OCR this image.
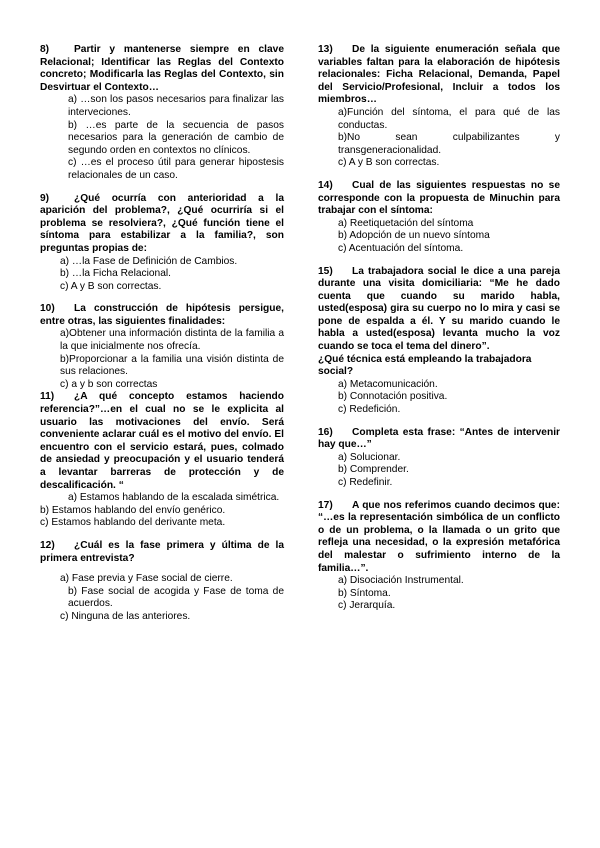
8) Partir y mantenerse siempre en clave Relacional; Identificar las Reglas del Contexto concreto; Modificarla las Reglas del Contexto, sin Desvirtuar el Contexto…
a) …son los pasos necesarios para finalizar las interveciones.
b) …es parte de la secuencia de pasos necesarios para la generación de cambio de segundo orden en contextos no clínicos.
c) …es el proceso útil para generar hipostesis relacionales de un caso.
9) ¿Qué ocurría con anterioridad a la aparición del problema?, ¿Qué ocurriría si el problema se resolviera?, ¿Qué función tiene el síntoma para estabilizar a la familia?, son preguntas propias de:
a) …la Fase de Definición de Cambios.
b) …la Ficha Relacional.
c) A y B son correctas.
10) La construcción de hipótesis persigue, entre otras, las siguientes finalidades:
a)Obtener una información distinta de la familia a la que inicialmente nos ofrecía.
b)Proporcionar a la familia una visión distinta de sus relaciones.
c) a y b son correctas
11) ¿A qué concepto estamos haciendo referencia?”…en el cual no se le explicita al usuario las motivaciones del envío. Será conveniente aclarar cuál es el motivo del envío. El encuentro con el servicio estará, pues, colmado de ansiedad y preocupación y el usuario tenderá a levantar barreras de protección y de descalificación. “
a) Estamos hablando de la escalada simétrica.
b) Estamos hablando del envío genérico.
c) Estamos hablando del derivante meta.
12) ¿Cuál es la fase primera y última de la primera entrevista?
a) Fase previa y Fase social de cierre.
b) Fase social de acogida y Fase de toma de acuerdos.
c) Ninguna de las anteriores.
13) De la siguiente enumeración señala que variables faltan para la elaboración de hipótesis relacionales: Ficha Relacional, Demanda, Papel del Servicio/Profesional, Incluir a todos los miembros…
a)Función del síntoma, el para qué de las conductas.
b)No sean culpabilizantes y transgeneracionalidad.
c) A y B son correctas.
14) Cual de las siguientes respuestas no se corresponde con la propuesta de Minuchin para trabajar con el síntoma:
a) Reetiquetación del síntoma
b) Adopción de un nuevo síntoma
c) Acentuación del síntoma.
15) La trabajadora social le dice a una pareja durante una visita domiciliaria: “Me he dado cuenta que cuando su marido habla, usted(esposa) gira su cuerpo no lo mira y casi se pone de espalda a él. Y su marido cuando le habla a usted(esposa) levanta mucho la voz cuando se toca el tema del dinero”.
¿Qué técnica está empleando la trabajadora social?
a) Metacomunicación.
b) Connotación positiva.
c) Redefición.
16) Completa esta frase: “Antes de intervenir hay que…”
a) Solucionar.
b) Comprender.
c) Redefinir.
17) A que nos referimos cuando decimos que: “…es la representación simbólica de un conflicto o de un problema, o la llamada o un grito que refleja una necesidad, o la expresión metafórica del malestar o sufrimiento interno de la familia…”.
a) Disociación Instrumental.
b) Síntoma.
c) Jerarquía.
